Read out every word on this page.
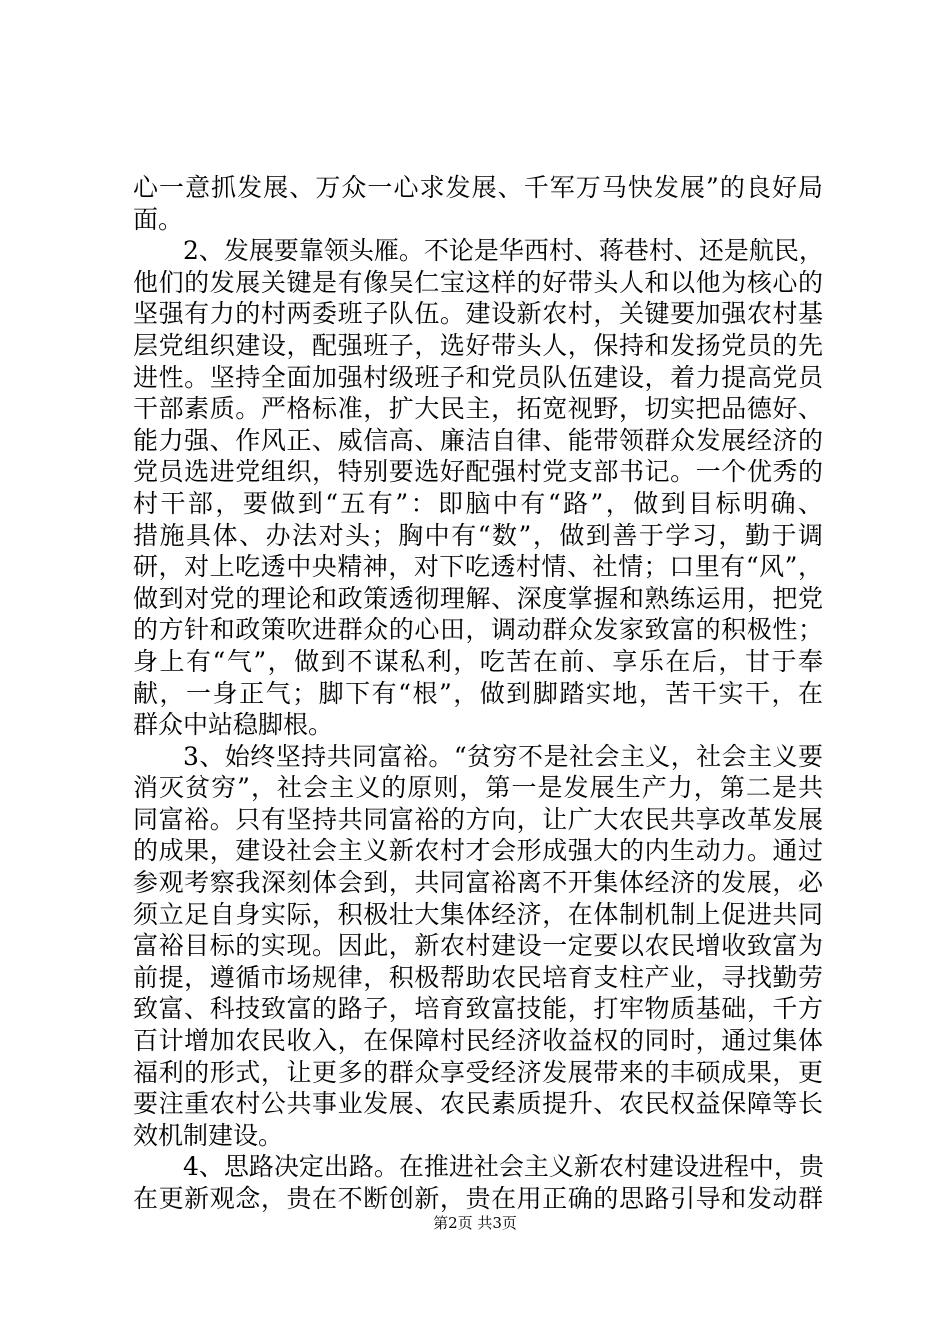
心一意抓发展、万众一心求发展、千军万马快发展”的良好局
面。
2、发展要靠领头雁。不论是华西村、蒋巷村、还是航民，
他们的发展关键是有像吴仁宝这样的好带头人和以他为核心的
坚强有力的村两委班子队伍。建设新农村，关键要加强农村基
层党组织建设，配强班子，选好带头人，保持和发扬党员的先
进性。坚持全面加强村级班子和党员队伍建设，着力提高党员
干部素质。严格标准，扩大民主，拓宽视野，切实把品德好、
能力强、作风正、威信高、廉洁自律、能带领群众发展经济的
党员选进党组织，特别要选好配强村党支部书记。一个优秀的
村干部，要做到“五有”：即脑中有“路”，做到目标明确、
措施具体、办法对头；胸中有“数”，做到善于学习，勤于调
研，对上吃透中央精神，对下吃透村情、社情；口里有“风”，
做到对党的理论和政策透彻理解、深度掌握和熟练运用，把党
的方针和政策吹进群众的心田，调动群众发家致富的积极性；
身上有“气”，做到不谋私利，吃苦在前、享乐在后，甘于奉
献，一身正气；脚下有“根”，做到脚踏实地，苦干实干，在
群众中站稳脚根。
3、始终坚持共同富裕。“贫穷不是社会主义，社会主义要
消灭贫穷”，社会主义的原则，第一是发展生产力，第二是共
同富裕。只有坚持共同富裕的方向，让广大农民共享改革发展
的成果，建设社会主义新农村才会形成强大的内生动力。通过
参观考察我深刻体会到，共同富裕离不开集体经济的发展，必
须立足自身实际，积极壮大集体经济，在体制机制上促进共同
富裕目标的实现。因此，新农村建设一定要以农民增收致富为
前提，遵循市场规律，积极帮助农民培育支柱产业，寻找勤劳
致富、科技致富的路子，培育致富技能，打牢物质基础，千方
百计增加农民收入，在保障村民经济收益权的同时，通过集体
福利的形式，让更多的群众享受经济发展带来的丰硕成果，更
要注重农村公共事业发展、农民素质提升、农民权益保障等长
效机制建设。
4、思路决定出路。在推进社会主义新农村建设进程中，贵
在更新观念，贵在不断创新，贵在用正确的思路引导和发动群
第2页 共3页
